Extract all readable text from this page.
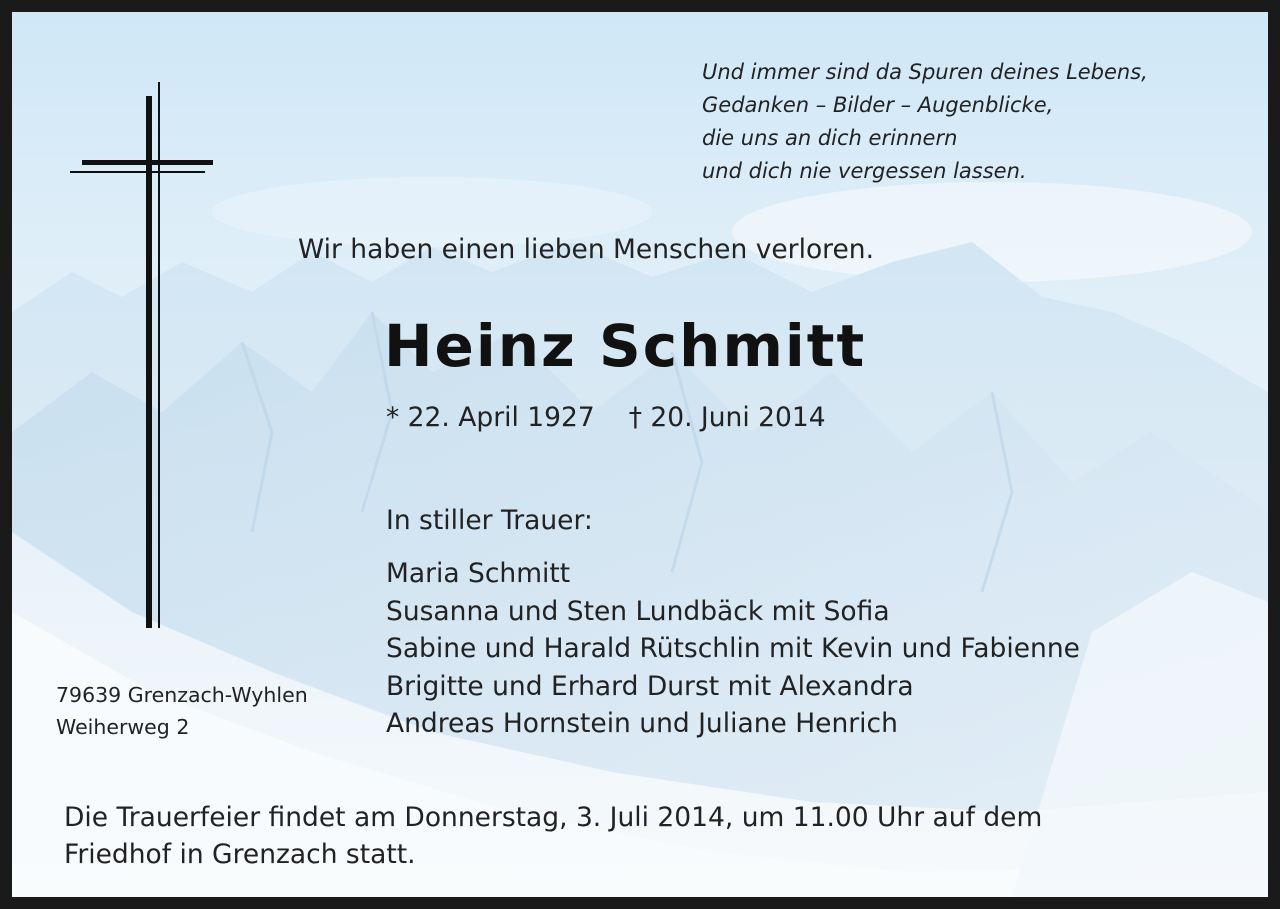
Und immer sind da Spuren deines Lebens,
Gedanken – Bilder – Augenblicke,
die uns an dich erinnern
und dich nie vergessen lassen.
Wir haben einen lieben Menschen verloren.
Heinz Schmitt
* 22. April 1927 † 20. Juni 2014
In stiller Trauer:
Maria Schmitt
Susanna und Sten Lundbäck mit Sofia
Sabine und Harald Rütschlin mit Kevin und Fabienne
Brigitte und Erhard Durst mit Alexandra
Andreas Hornstein und Juliane Henrich
79639 Grenzach-Wyhlen
Weiherweg 2
Die Trauerfeier findet am Donnerstag, 3. Juli 2014, um 11.00 Uhr auf dem
Friedhof in Grenzach statt.
